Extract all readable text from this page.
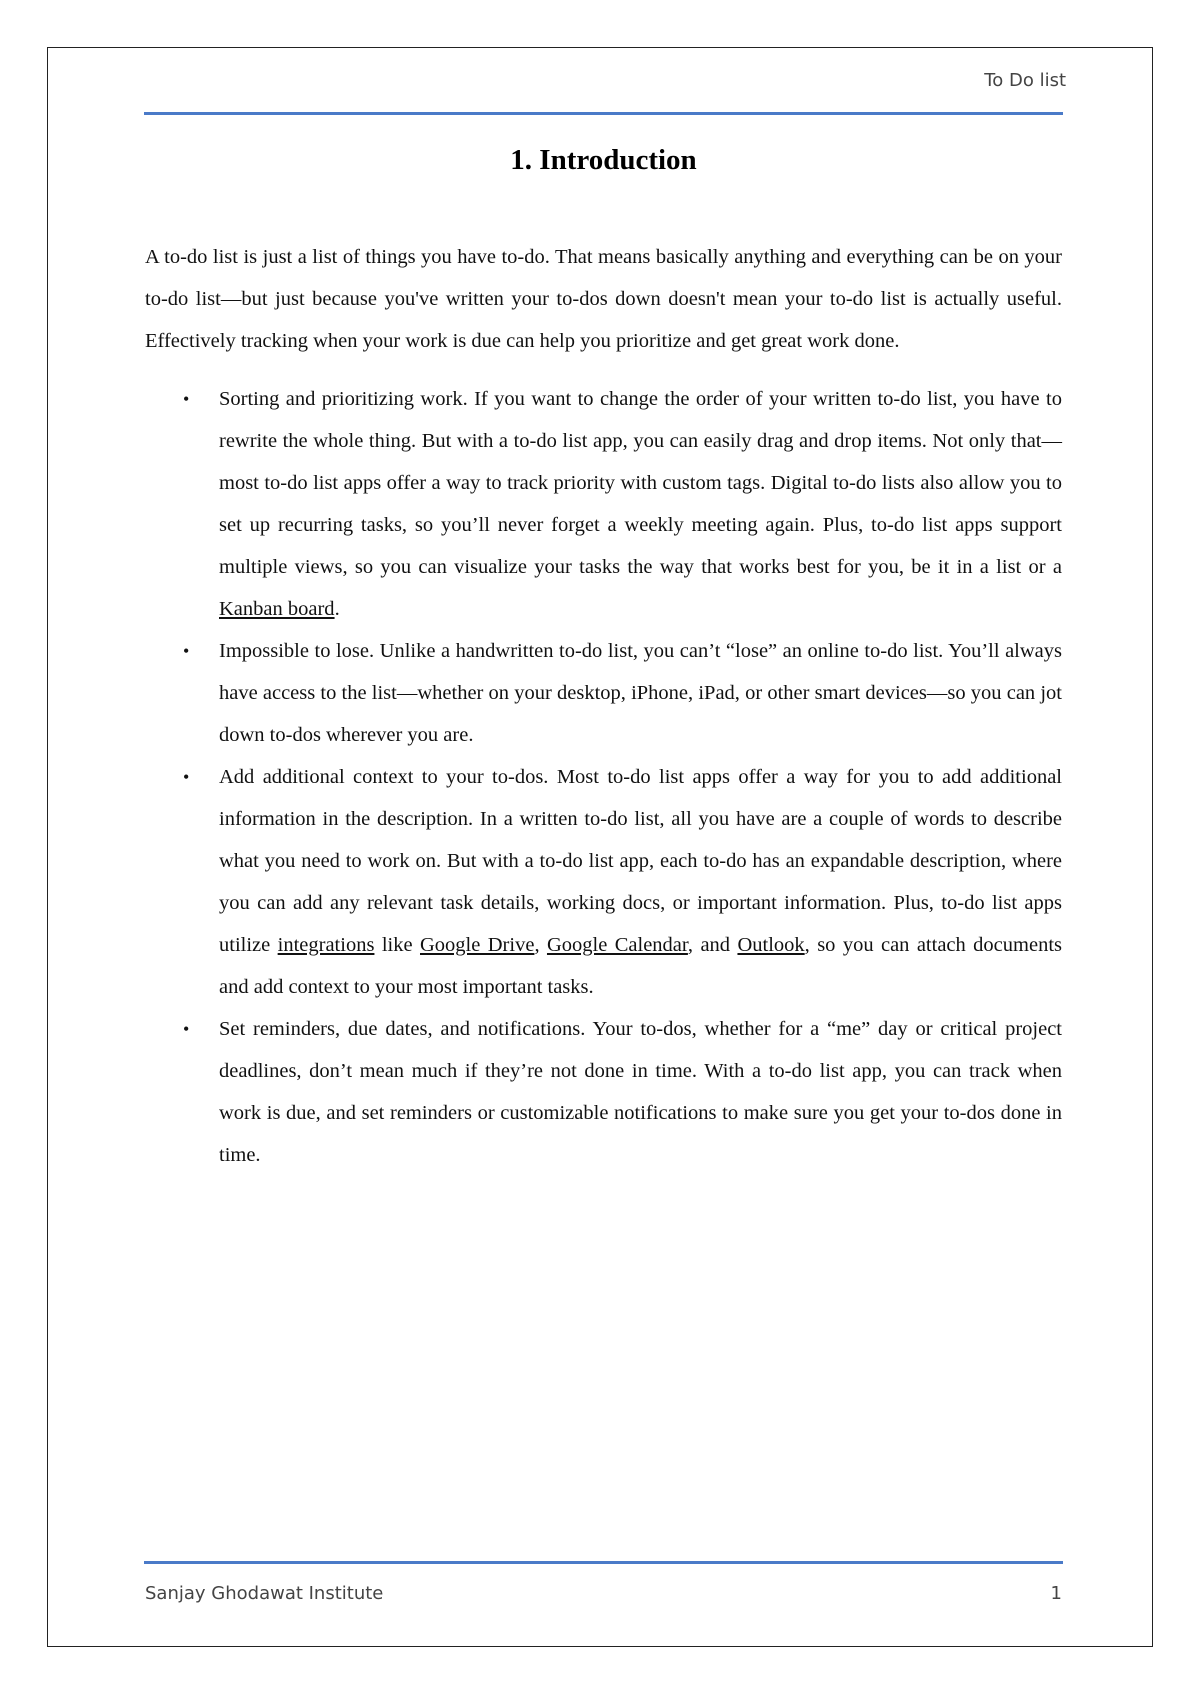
To Do list
1. Introduction

A to-do list is just a list of things you have to-do. That means basically anything and everything can be on your to-do list—but just because you've written your to-dos down doesn't mean your to-do list is actually useful. Effectively tracking when your work is due can help you prioritize and get great work done.

• Sorting and prioritizing work. If you want to change the order of your written to-do list, you have to rewrite the whole thing. But with a to-do list app, you can easily drag and drop items. Not only that—most to-do list apps offer a way to track priority with custom tags. Digital to-do lists also allow you to set up recurring tasks, so you’ll never forget a weekly meeting again. Plus, to-do list apps support multiple views, so you can visualize your tasks the way that works best for you, be it in a list or a Kanban board.
• Impossible to lose. Unlike a handwritten to-do list, you can’t “lose” an online to-do list. You’ll always have access to the list—whether on your desktop, iPhone, iPad, or other smart devices—so you can jot down to-dos wherever you are.
• Add additional context to your to-dos. Most to-do list apps offer a way for you to add additional information in the description. In a written to-do list, all you have are a couple of words to describe what you need to work on. But with a to-do list app, each to-do has an expandable description, where you can add any relevant task details, working docs, or important information. Plus, to-do list apps utilize integrations like Google Drive, Google Calendar, and Outlook, so you can attach documents and add context to your most important tasks.
• Set reminders, due dates, and notifications. Your to-dos, whether for a “me” day or critical project deadlines, don’t mean much if they’re not done in time. With a to-do list app, you can track when work is due, and set reminders or customizable notifications to make sure you get your to-dos done in time.
Sanjay Ghodawat Institute	1
